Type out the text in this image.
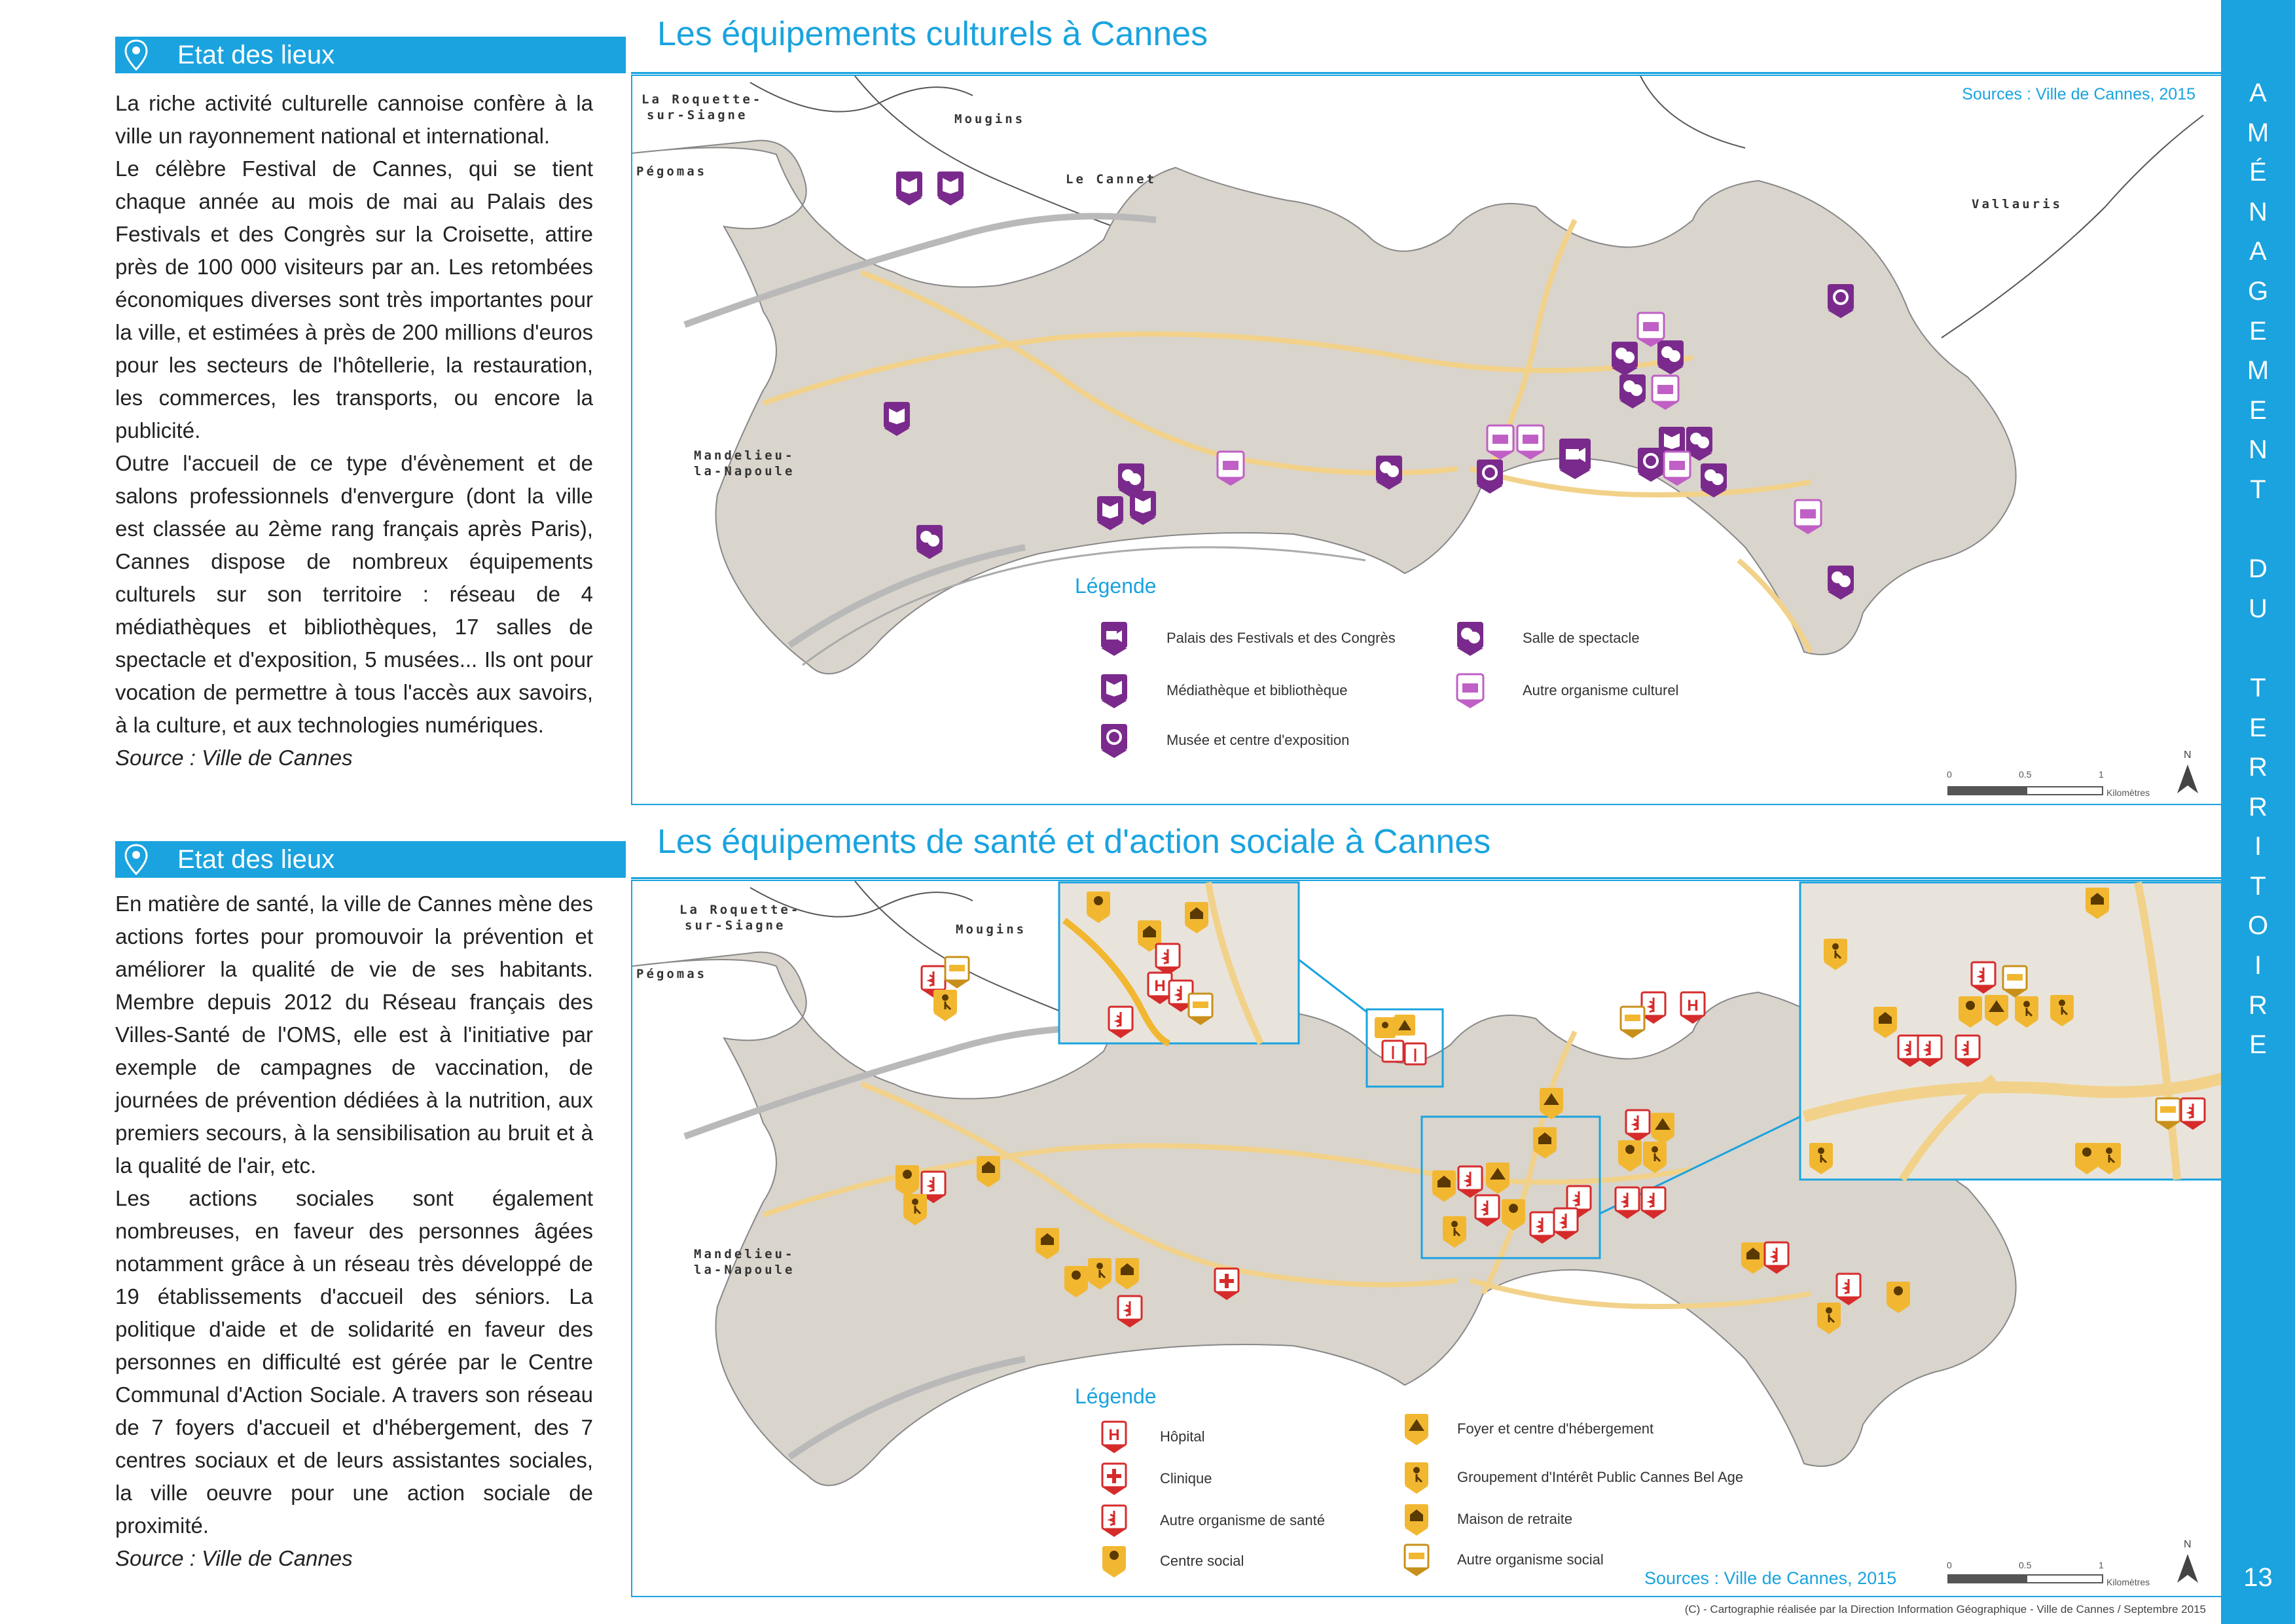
Etat des lieux

La riche activité culturelle cannoise confère à la ville un rayonnement national et international.

Le célèbre Festival de Cannes, qui se tient chaque année au mois de mai au Palais des Festivals et des Congrès sur la Croisette, attire près de 100 000 visiteurs par an. Les retombées économiques diverses sont très importantes pour la ville, et estimées à près de 200 millions d'euros pour les secteurs de l'hôtellerie, la restauration, les commerces, les transports, ou encore la publicité.

Outre l'accueil de ce type d'évènement et de salons professionnels d'envergure (dont la ville est classée au 2ème rang français après Paris), Cannes dispose de nombreux équipements culturels sur son territoire : réseau de 4 médiathèques et bibliothèques, 17 salles de spectacle et d'exposition, 5 musées... Ils ont pour vocation de permettre à tous l'accès aux savoirs, à la culture, et aux technologies numériques.

Source : Ville de Cannes

Etat des lieux

En matière de santé, la ville de Cannes mène des actions fortes pour promouvoir la prévention et améliorer la qualité de vie de ses habitants. Membre depuis 2012 du Réseau français des Villes-Santé de l'OMS, elle est à l'initiative par exemple de campagnes de vaccination, de journées de prévention dédiées à la nutrition, aux premiers secours, à la sensibilisation au bruit et à la qualité de l'air, etc.

Les actions sociales sont également nombreuses, en faveur des personnes âgées notamment grâce à un réseau très développé de 19 établissements d'accueil des séniors. La politique d'aide et de solidarité en faveur des personnes en difficulté est gérée par le Centre Communal d'Action Sociale. A travers son réseau de 7 foyers d'accueil et d'hébergement, des 7 centres sociaux et de leurs assistantes sociales, la ville oeuvre pour une action sociale de proximité.

Source : Ville de Cannes

Les équipements culturels à Cannes
La Roquette-
sur-Siagne	Mougins
Le Cannet
Pégomas
Vallauris
Mandelieu-
la-Napoule
Sources : Ville de Cannes, 2015
Légende
Palais des Festivals et des Congrès
Médiathèque et bibliothèque
Musée et centre d'exposition
Salle de spectacle
Autre organisme culturel
0	0.5	1
Kilomètres
N
Les équipements de santé et d'action sociale à Cannes
La Roquette-
sur-Siagne	Mougins
Pégomas
Mandelieu-
la-Napoule
H
H
Légende
H	Hôpital
Clinique
Autre organisme de santé
Centre social
Foyer et centre d'hébergement
Groupement d'Intérêt Public Cannes Bel Age
Maison de retraite
Autre organisme social
Sources : Ville de Cannes, 2015
0	0.5	1
Kilomètres
N
A
M
É
N
A
G
E
M
E
N
T

D
U

T
E
R
R
I
T
O
I
R
E
13
(C) - Cartographie réalisée par la Direction Information Géographique - Ville de Cannes / Septembre 2015
